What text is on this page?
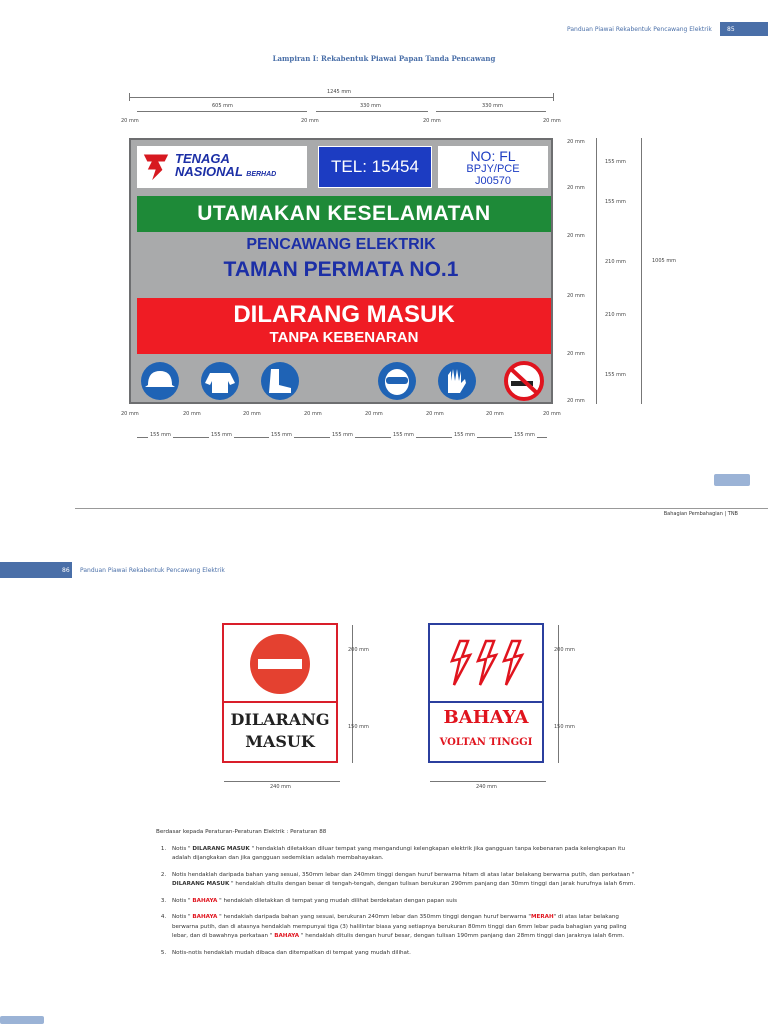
85
Panduan Piawai Rekabentuk Pencawang Elektrik
Lampiran I: Rekabentuk Piawai Papan Tanda Pencawang
1245 mm
605 mm	330 mm	330 mm
20 mm	20 mm	20 mm	20 mm
1005 mm
20 mm
155 mm
20 mm
155 mm
20 mm
210 mm
20 mm
210 mm
20 mm
155 mm
20 mm
TENAGA
NASIONAL BERHAD	TEL: 15454
NO: FL
BPJY/PCE
J00570
UTAMAKAN KESELAMATAN
PENCAWANG ELEKTRIK
TAMAN PERMATA NO.1
DILARANG MASUK
TANPA KEBENARAN
20 mm	20 mm	20 mm	20 mm	20 mm	20 mm	20 mm	20 mm
155 mm	155 mm	155 mm	155 mm	155 mm	155 mm	155 mm
Bahagian Pembahagian | TNB
86 Panduan Piawai Rekabentuk Pencawang Elektrik
DILARANG
MASUK
BAHAYA
VOLTAN TINGGI
200 mm
150 mm
200 mm
150 mm
240 mm	240 mm

Berdasar kepada Peraturan-Peraturan Elektrik : Peraturan 88

1. Notis " DILARANG MASUK " hendaklah diletakkan diluar tempat yang mengandungi kelengkapan elektrik jika gangguan tanpa kebenaran pada kelengkapan itu adalah dijangkakan dan jika gangguan sedemikian adalah membahayakan.
2. Notis hendaklah daripada bahan yang sesuai, 350mm lebar dan 240mm tinggi dengan huruf berwarna hitam di atas latar belakang berwarna putih, dan perkataan " DILARANG MASUK " hendaklah ditulis dengan besar di tengah-tengah, dengan tulisan berukuran 290mm panjang dan 30mm tinggi dan jarak hurufnya ialah 6mm.
3. Notis " BAHAYA " hendaklah diletakkan di tempat yang mudah dilihat berdekatan dengan papan suis
4. Notis " BAHAYA " hendaklah daripada bahan yang sesuai, berukuran 240mm lebar dan 350mm tinggi dengan huruf berwarna "MERAH" di atas latar belakang berwarna putih, dan di atasnya hendaklah mempunyai tiga (3) halilintar biasa yang setiapnya berukuran 80mm tinggi dan 6mm lebar pada bahagian yang paling lebar, dan di bawahnya perkataan " BAHAYA " hendaklah ditulis dengan huruf besar, dengan tulisan 190mm panjang dan 28mm tinggi dan jaraknya ialah 6mm.
5. Notis-notis hendaklah mudah dibaca dan ditempatkan di tempat yang mudah dilihat.
